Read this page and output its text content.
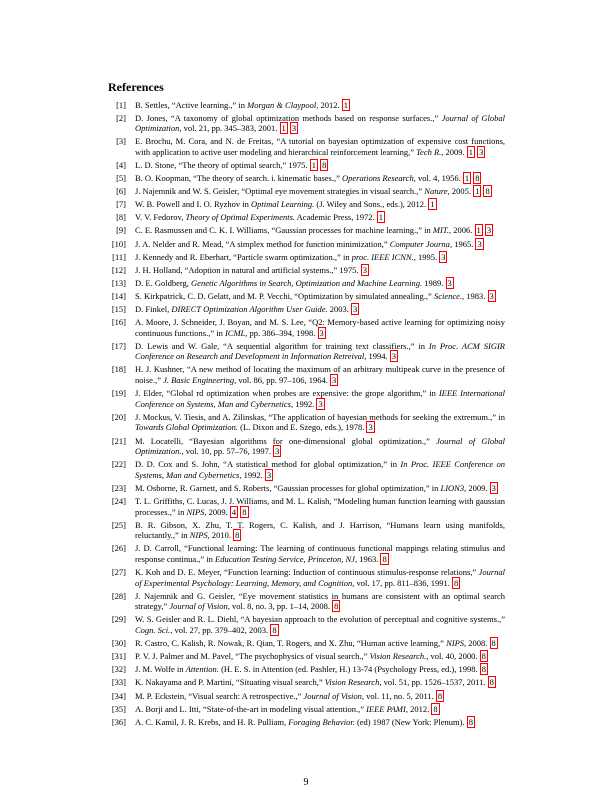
References
[1] B. Settles, “Active learning.,” in Morgan & Claypool, 2012. 1
[2] D. Jones, “A taxonomy of global optimization methods based on response surfaces.,” Journal of Global Optimization, vol. 21, pp. 345–383, 2001. 1 3
[3] E. Brochu, M. Cora, and N. de Freitas, “A tutorial on bayesian optimization of expensive cost functions, with application to active user modeling and hierarchical reinforcement learning,” Tech R., 2009. 1 3
[4] L. D. Stone, “The theory of optimal search,” 1975. 1 8
[5] B. O. Koopman, “The theory of search. i. kinematic bases.,” Operations Research, vol. 4, 1956. 1 8
[6] J. Najemnik and W. S. Geisler, “Optimal eye movement strategies in visual search.,” Nature, 2005. 1 8
[7] W. B. Powell and I. O. Ryzhov in Optimal Learning. (J. Wiley and Sons., eds.), 2012. 1
[8] V. V. Fedorov, Theory of Optimal Experiments. Academic Press, 1972. 1
[9] C. E. Rasmussen and C. K. I. Williams, “Gaussian processes for machine learning.,” in MIT., 2006. 1 3
[10] J. A. Nelder and R. Mead, “A simplex method for function minimization,” Computer Journa, 1965. 3
[11] J. Kennedy and R. Eberhart, “Particle swarm optimization.,” in proc. IEEE ICNN., 1995. 3
[12] J. H. Holland, “Adoption in natural and artificial systems.,” 1975. 3
[13] D. E. Goldberg, Genetic Algorithms in Search, Optimization and Machine Learning. 1989. 3
[14] S. Kirkpatrick, C. D. Gelatt, and M. P. Vecchi, “Optimization by simulated annealing.,” Science., 1983. 3
[15] D. Finkel, DIRECT Optimization Algorithm User Guide. 2003. 3
[16] A. Moore, J. Schneider, J. Boyan, and M. S. Lee, “Q2: Memory-based active learning for optimizing noisy continuous functions.,” in ICML, pp. 386–394, 1998. 3
[17] D. Lewis and W. Gale, “A sequential algorithm for training text classifiers.,” in In Proc. ACM SIGIR Conference on Research and Development in Information Retreival, 1994. 3
[18] H. J. Kushner, “A new method of locating the maximum of an arbitrary multipeak curve in the presence of noise.,” J. Basic Engineering, vol. 86, pp. 97–106, 1964. 3
[19] J. Elder, “Global rd optimization when probes are expensive: the grope algorithm,” in IEEE International Conference on Systems, Man and Cybernetics, 1992. 3
[20] J. Mockus, V. Tiesis, and A. Zilinskas, “The application of bayesian methods for seeking the extremum.,” in Towards Global Optimization. (L. Dixon and E. Szego, eds.), 1978. 3
[21] M. Locatelli, “Bayesian algorithms for one-dimensional global optimization.,” Journal of Global Optimization., vol. 10, pp. 57–76, 1997. 3
[22] D. D. Cox and S. John, “A statistical method for global optimization,” in In Proc. IEEE Conference on Systems, Man and Cybernetics, 1992. 3
[23] M. Osborne, R. Garnett, and S. Roberts, “Gaussian processes for global optimization,” in LION3, 2009. 3
[24] T. L. Griffiths, C. Lucas, J. J. Williams, and M. L. Kalish, “Modeling human function learning with gaussian processes.,” in NIPS, 2009. 4 8
[25] B. R. Gibson, X. Zhu, T. T. Rogers, C. Kalish, and J. Harrison, “Humans learn using manifolds, reluctantly.,” in NIPS, 2010. 8
[26] J. D. Carroll, “Functional learning: The learning of continuous functional mappings relating stimulus and response continua.,” in Education Testing Service, Princeton, NJ, 1963. 8
[27] K. Koh and D. E. Meyer, “Function learning: Induction of continuous stimulus-response relations,” Journal of Experimental Psychology: Learning, Memory, and Cognition, vol. 17, pp. 811–836, 1991. 8
[28] J. Najemnik and G. Geisler, “Eye movement statistics in humans are consistent with an optimal search strategy,” Journal of Vision, vol. 8, no. 3, pp. 1–14, 2008. 8
[29] W. S. Geisler and R. L. Diehl, “A bayesian approach to the evolution of perceptual and cognitive systems.,” Cogn. Sci., vol. 27, pp. 379–402, 2003. 8
[30] R. Castro, C. Kalish, R. Nowak, R. Qian, T. Rogers, and X. Zhu, “Human active learning,” NIPS, 2008. 8
[31] P. V. J. Palmer and M. Pavel, “The psychophysics of visual search.,” Vision Research., vol. 40, 2000. 8
[32] J. M. Wolfe in Attention. (H. E. S. in Attention (ed. Pashler, H.) 13-74 (Psychology Press, ed.), 1998. 8
[33] K. Nakayama and P. Martini, “Situating visual search,” Vision Research, vol. 51, pp. 1526–1537, 2011. 8
[34] M. P. Eckstein, “Visual search: A retrospective.,” Journal of Vision, vol. 11, no. 5, 2011. 8
[35] A. Borji and L. Itti, “State-of-the-art in modeling visual attention.,” IEEE PAMI, 2012. 8
[36] A. C. Kamil, J. R. Krebs, and H. R. Pulliam, Foraging Behavior. (ed) 1987 (New York: Plenum). 8
9
